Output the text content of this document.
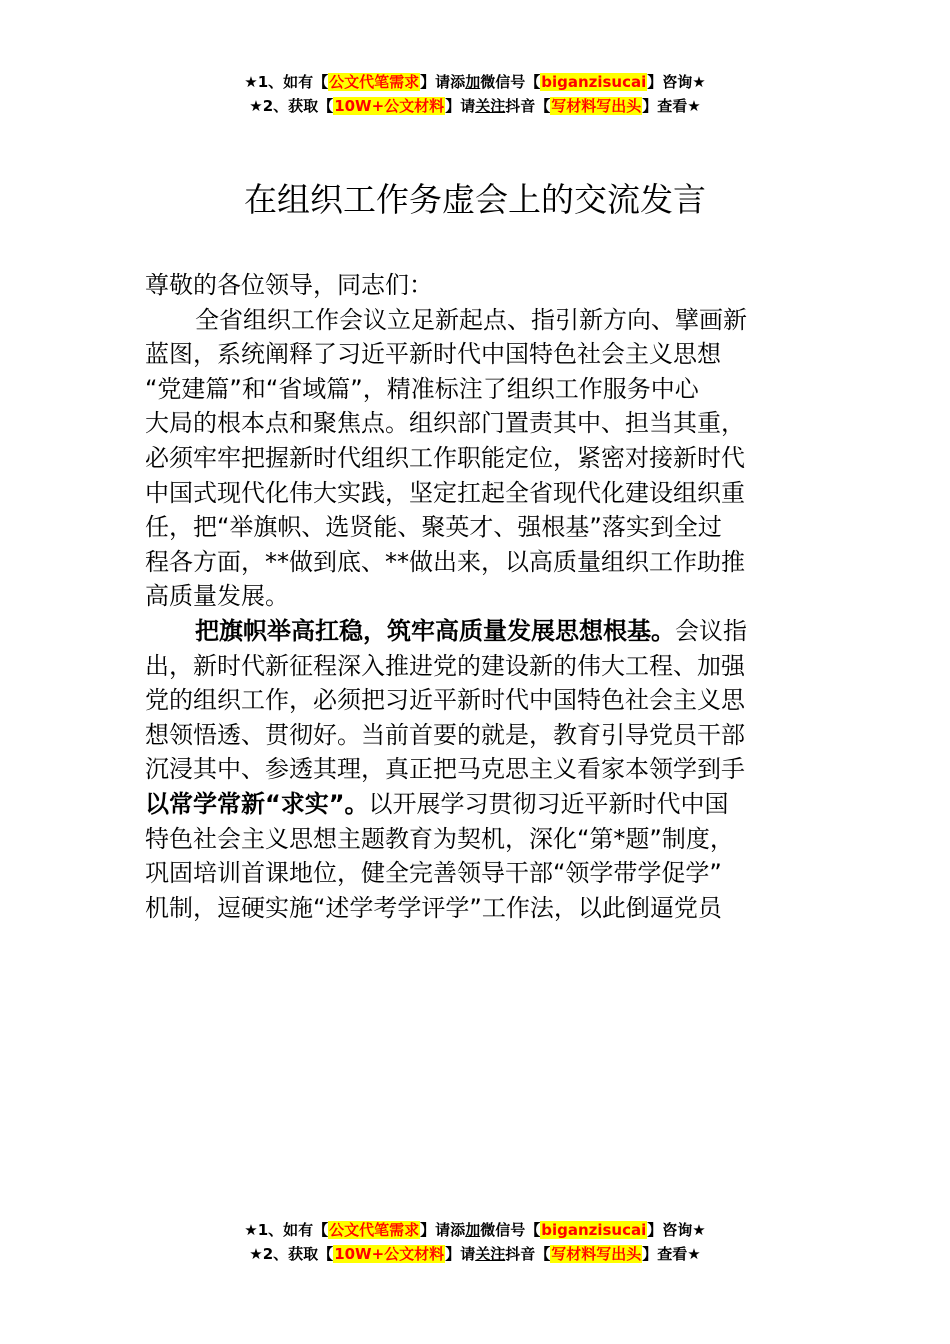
★1、如有【公文代笔需求】请添加微信号【biganzisucai】咨询★
★2、获取【10W+公文材料】请关注抖音【写材料写出头】查看★
在组织工作务虚会上的交流发言

尊敬的各位领导，同志们：

全省组织工作会议立足新起点、指引新方向、擘画新
蓝图，系统阐释了习近平新时代中国特色社会主义思想
“党建篇”和“省域篇”，精准标注了组织工作服务中心
大局的根本点和聚焦点。组织部门置责其中、担当其重，
必须牢牢把握新时代组织工作职能定位，紧密对接新时代
中国式现代化伟大实践，坚定扛起全省现代化建设组织重
任，把“举旗帜、选贤能、聚英才、强根基”落实到全过
程各方面，**做到底、**做出来，以高质量组织工作助推
高质量发展。

把旗帜举高扛稳，筑牢高质量发展思想根基。会议指
出，新时代新征程深入推进党的建设新的伟大工程、加强
党的组织工作，必须把习近平新时代中国特色社会主义思
想领悟透、贯彻好。当前首要的就是，教育引导党员干部
沉浸其中、参透其理，真正把马克思主义看家本领学到手
以常学常新“求实”。以开展学习贯彻习近平新时代中国
特色社会主义思想主题教育为契机，深化“第*题”制度，
巩固培训首课地位，健全完善领导干部“领学带学促学”
机制，逗硬实施“述学考学评学”工作法，以此倒逼党员

★1、如有【公文代笔需求】请添加微信号【biganzisucai】咨询★
★2、获取【10W+公文材料】请关注抖音【写材料写出头】查看★
